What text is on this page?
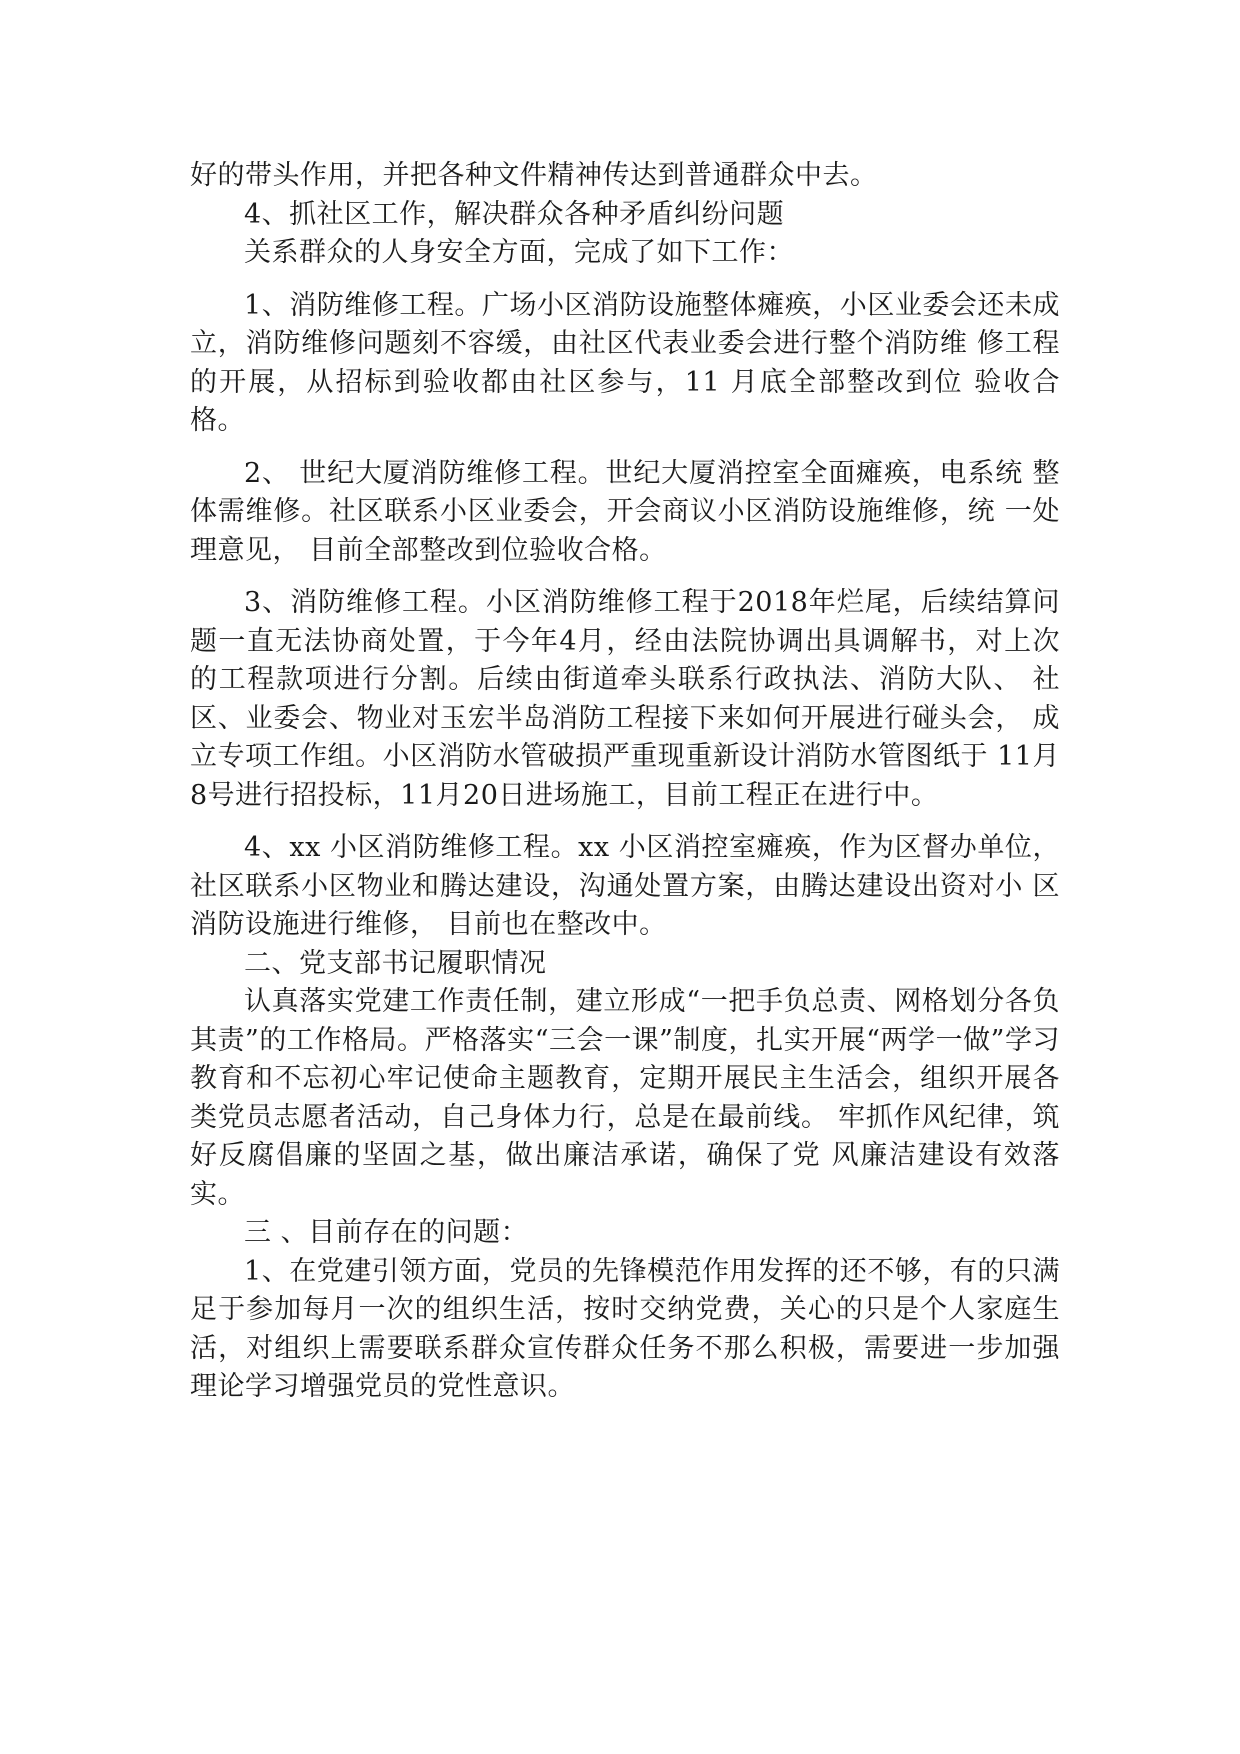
好的带头作用，并把各种文件精神传达到普通群众中去。

4、抓社区工作，解决群众各种矛盾纠纷问题

关系群众的人身安全方面，完成了如下工作：

1、消防维修工程。广场小区消防设施整体瘫痪，小区业委会还未成立，消防维修问题刻不容缓，由社区代表业委会进行整个消防维 修工程的开展，从招标到验收都由社区参与，11 月底全部整改到位 验收合格。

2、 世纪大厦消防维修工程。世纪大厦消控室全面瘫痪，电系统 整体需维修。社区联系小区业委会，开会商议小区消防设施维修，统 一处理意见， 目前全部整改到位验收合格。

3、消防维修工程。小区消防维修工程于2018年烂尾，后续结算问题一直无法协商处置，于今年4月，经由法院协调出具调解书，对上次的工程款项进行分割。后续由街道牵头联系行政执法、消防大队、 社区、业委会、物业对玉宏半岛消防工程接下来如何开展进行碰头会， 成立专项工作组。小区消防水管破损严重现重新设计消防水管图纸于 11月8号进行招投标，11月20日进场施工，目前工程正在进行中。

4、xx 小区消防维修工程。xx 小区消控室瘫痪，作为区督办单位， 社区联系小区物业和腾达建设，沟通处置方案，由腾达建设出资对小 区消防设施进行维修， 目前也在整改中。

二、党支部书记履职情况

认真落实党建工作责任制，建立形成“一把手负总责、网格划分各负其责”的工作格局。严格落实“三会一课”制度，扎实开展“两学一做”学习教育和不忘初心牢记使命主题教育，定期开展民主生活会，组织开展各类党员志愿者活动，自己身体力行，总是在最前线。 牢抓作风纪律，筑好反腐倡廉的坚固之基，做出廉洁承诺，确保了党 风廉洁建设有效落实。

三 、目前存在的问题：

1、在党建引领方面，党员的先锋模范作用发挥的还不够，有的只满足于参加每月一次的组织生活，按时交纳党费，关心的只是个人家庭生活，对组织上需要联系群众宣传群众任务不那么积极，需要进一步加强理论学习增强党员的党性意识。
